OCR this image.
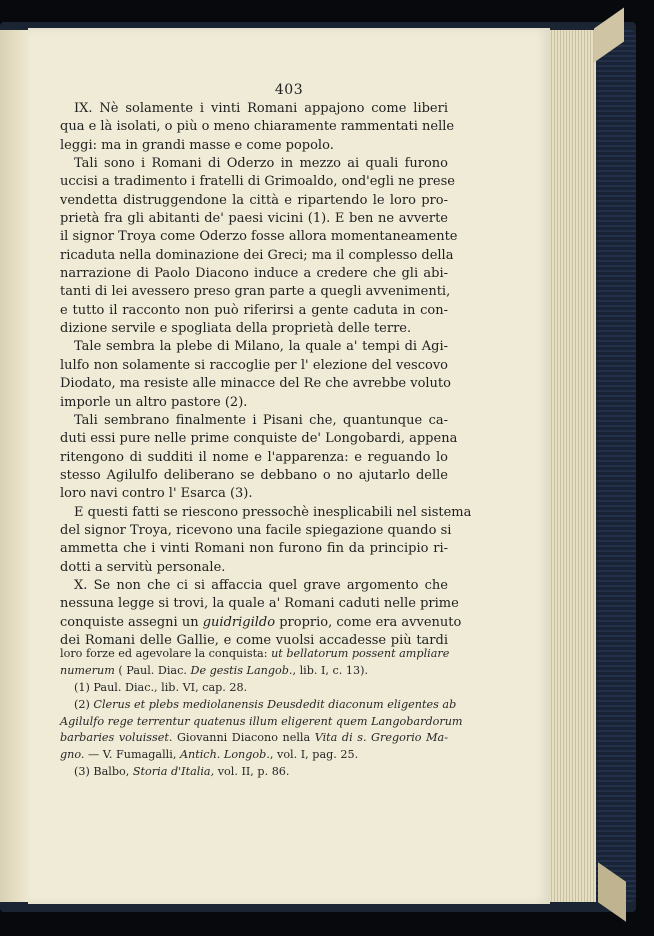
403
IX. Nè solamente i vinti Romani appajono come liberi
qua e là isolati, o più o meno chiaramente rammentati nelle
leggi: ma in grandi masse e come popolo.
Tali sono i Romani di Oderzo in mezzo ai quali furono
uccisi a tradimento i fratelli di Grimoaldo, ond'egli ne prese
vendetta distruggendone la città e ripartendo le loro pro-
prietà fra gli abitanti de' paesi vicini (1). E ben ne avverte
il signor Troya come Oderzo fosse allora momentaneamente
ricaduta nella dominazione dei Greci; ma il complesso della
narrazione di Paolo Diacono induce a credere che gli abi-
tanti di lei avessero preso gran parte a quegli avvenimenti,
e tutto il racconto non può riferirsi a gente caduta in con-
dizione servile e spogliata della proprietà delle terre.
Tale sembra la plebe di Milano, la quale a' tempi di Agi-
lulfo non solamente si raccoglie per l' elezione del vescovo
Diodato, ma resiste alle minacce del Re che avrebbe voluto
imporle un altro pastore (2).
Tali sembrano finalmente i Pisani che, quantunque ca-
duti essi pure nelle prime conquiste de' Longobardi, appena
ritengono di sudditi il nome e l'apparenza: e reguando lo
stesso Agilulfo deliberano se debbano o no ajutarlo delle
loro navi contro l' Esarca (3).
E questi fatti se riescono pressochè inesplicabili nel sistema
del signor Troya, ricevono una facile spiegazione quando si
ammetta che i vinti Romani non furono fin da principio ri-
dotti a servitù personale.
X. Se non che ci si affaccia quel grave argomento che
nessuna legge si trovi, la quale a' Romani caduti nelle prime
conquiste assegni un guidrigildo proprio, come era avvenuto
dei Romani delle Gallie, e come vuolsi accadesse più tardi
loro forze ed agevolare la conquista: ut bellatorum possent ampliare
numerum ( Paul. Diac. De gestis Langob., lib. I, c. 13).
(1) Paul. Diac., lib. VI, cap. 28.
(2) Clerus et plebs mediolanensis Deusdedit diaconum eligentes ab
Agilulfo rege terrentur quatenus illum eligerent quem Langobardorum
barbaries voluisset. Giovanni Diacono nella Vita di s. Gregorio Ma-
gno. — V. Fumagalli, Antich. Longob., vol. I, pag. 25.
(3) Balbo, Storia d'Italia, vol. II, p. 86.
